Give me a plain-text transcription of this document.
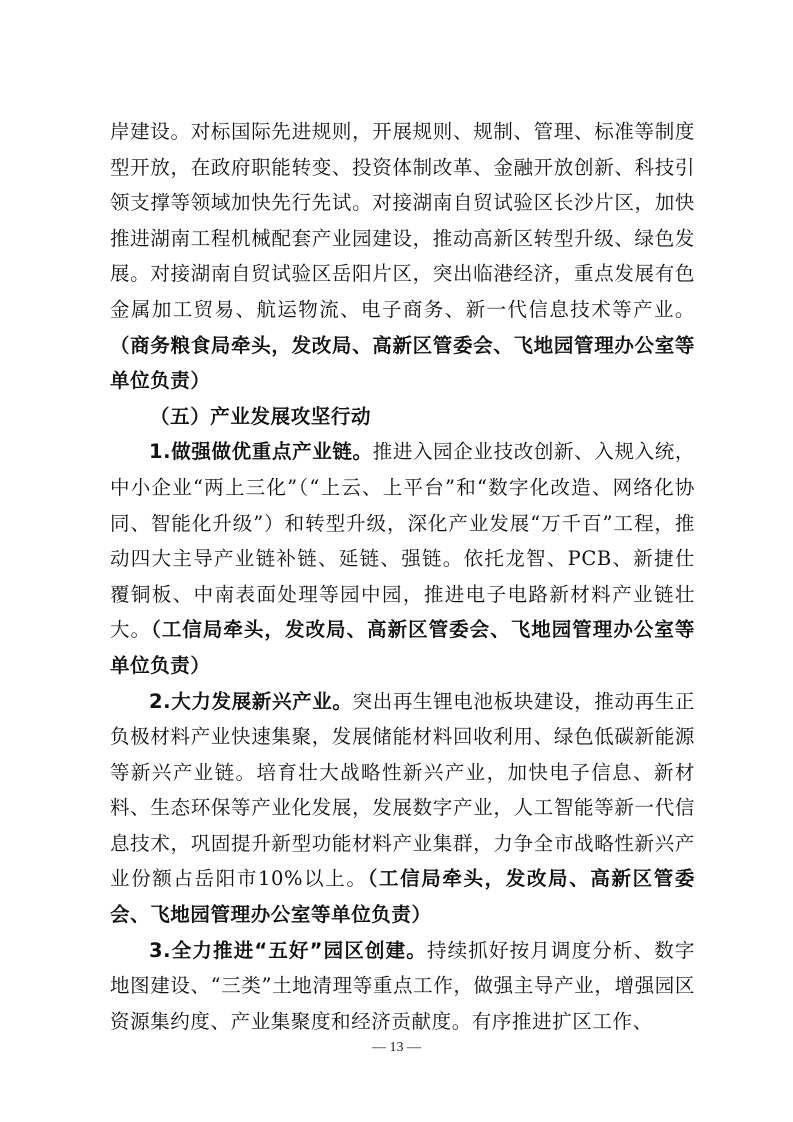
岸建设。对标国际先进规则，开展规则、规制、管理、标准等制度型开放，在政府职能转变、投资体制改革、金融开放创新、科技引领支撑等领域加快先行先试。对接湖南自贸试验区长沙片区，加快推进湖南工程机械配套产业园建设，推动高新区转型升级、绿色发展。对接湖南自贸试验区岳阳片区，突出临港经济，重点发展有色金属加工贸易、航运物流、电子商务、新一代信息技术等产业。（商务粮食局牵头，发改局、高新区管委会、飞地园管理办公室等单位负责）

（五）产业发展攻坚行动

1.做强做优重点产业链。推进入园企业技改创新、入规入统，中小企业“两上三化”（“上云、上平台”和“数字化改造、网络化协同、智能化升级”）和转型升级，深化产业发展“万千百”工程，推动四大主导产业链补链、延链、强链。依托龙智、PCB、新捷仕覆铜板、中南表面处理等园中园，推进电子电路新材料产业链壮大。（工信局牵头，发改局、高新区管委会、飞地园管理办公室等单位负责）

2.大力发展新兴产业。突出再生锂电池板块建设，推动再生正负极材料产业快速集聚，发展储能材料回收利用、绿色低碳新能源等新兴产业链。培育壮大战略性新兴产业，加快电子信息、新材料、生态环保等产业化发展，发展数字产业，人工智能等新一代信息技术，巩固提升新型功能材料产业集群，力争全市战略性新兴产业份额占岳阳市10%以上。（工信局牵头，发改局、高新区管委会、飞地园管理办公室等单位负责）

3.全力推进“五好”园区创建。持续抓好按月调度分析、数字地图建设、“三类”土地清理等重点工作，做强主导产业，增强园区资源集约度、产业集聚度和经济贡献度。有序推进扩区工作、

— 13 —
